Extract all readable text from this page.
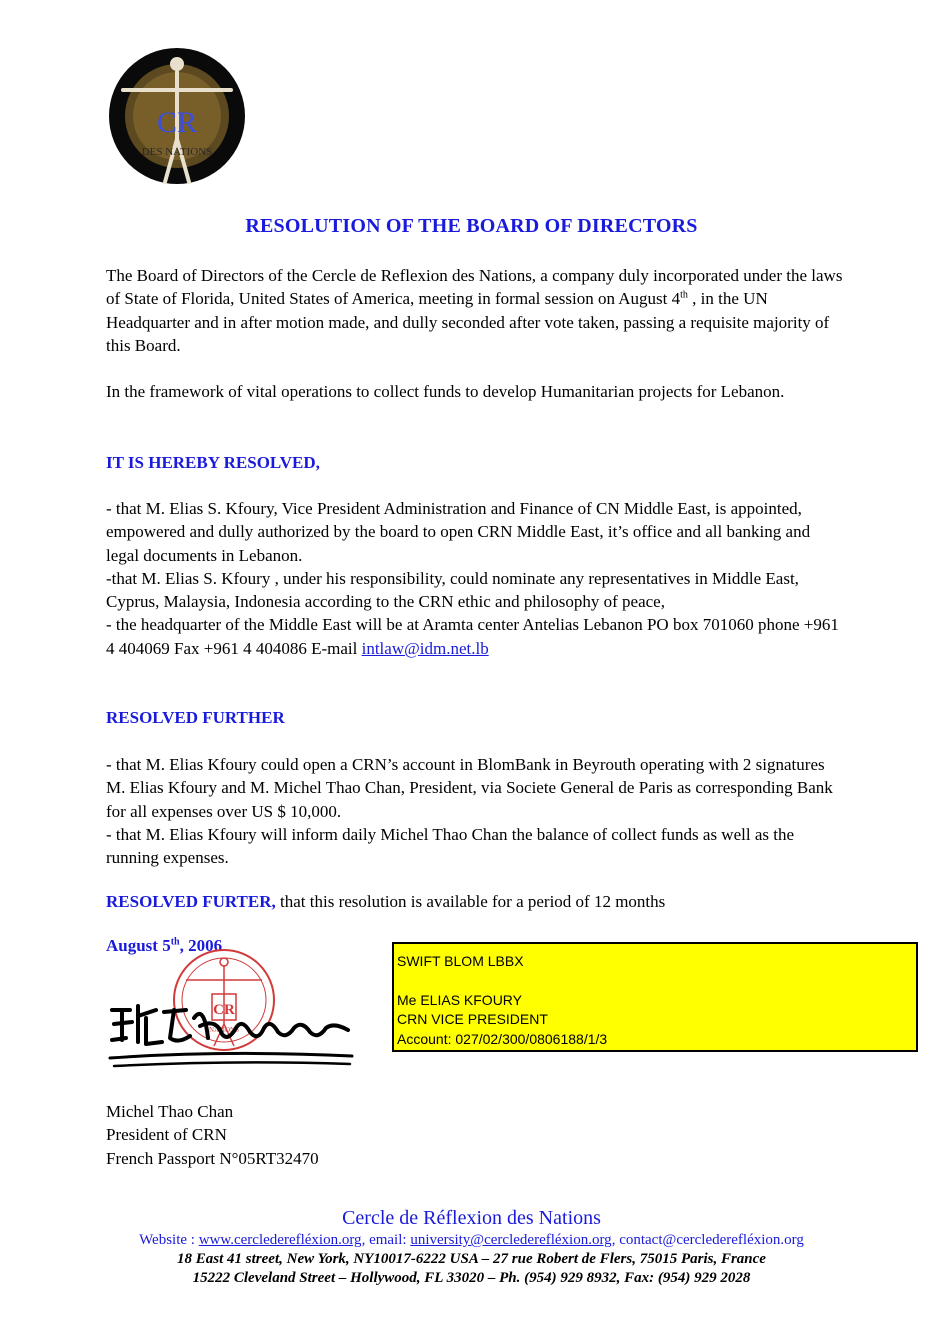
CR
DES NATIONS
RESOLUTION OF THE BOARD OF DIRECTORS
The Board of Directors of the Cercle de Reflexion des Nations, a company duly incorporated under the laws of State of Florida, United States of America, meeting in formal session on August 4th , in the UN Headquarter and in after motion made, and dully seconded after vote taken, passing a requisite majority of this Board.
In the framework of vital operations to collect funds to develop Humanitarian projects for Lebanon.
IT IS HEREBY RESOLVED,
- that M. Elias S. Kfoury, Vice President Administration and Finance of CN Middle East, is appointed, empowered and dully authorized by the board to open CRN Middle East, it’s office and all banking and legal documents in Lebanon.
-that M. Elias S. Kfoury , under his responsibility, could nominate any representatives in Middle East, Cyprus, Malaysia, Indonesia according to the CRN ethic and philosophy of peace,
- the headquarter of the Middle East will be at Aramta center Antelias Lebanon PO box 701060 phone +961 4 404069 Fax +961 4 404086 E-mail intlaw@idm.net.lb
RESOLVED FURTHER
- that M. Elias Kfoury could open a CRN’s account in BlomBank in Beyrouth operating with 2 signatures M. Elias Kfoury and M. Michel Thao Chan, President, via Societe General de Paris as corresponding Bank for all expenses over US $ 10,000.
- that M. Elias Kfoury will inform daily Michel Thao Chan the balance of collect funds as well as the running expenses.
RESOLVED FURTER, that this resolution is available for a period of 12 months
August 5th, 2006
SWIFT BLOM LBBX
Me ELIAS KFOURY
CRN VICE PRESIDENT
Account: 027/02/300/0806188/1/3
CR
NATIONS
Michel Thao Chan
President of CRN
French Passport N°05RT32470
Cercle de Réflexion des Nations
Website : www.cerclederefléxion.org, email: university@cerclederefléxion.org, contact@cerclederefléxion.org
18 East 41 street, New York, NY10017-6222 USA – 27 rue Robert de Flers, 75015 Paris, France
15222 Cleveland Street – Hollywood, FL 33020 – Ph. (954) 929 8932, Fax: (954) 929 2028
